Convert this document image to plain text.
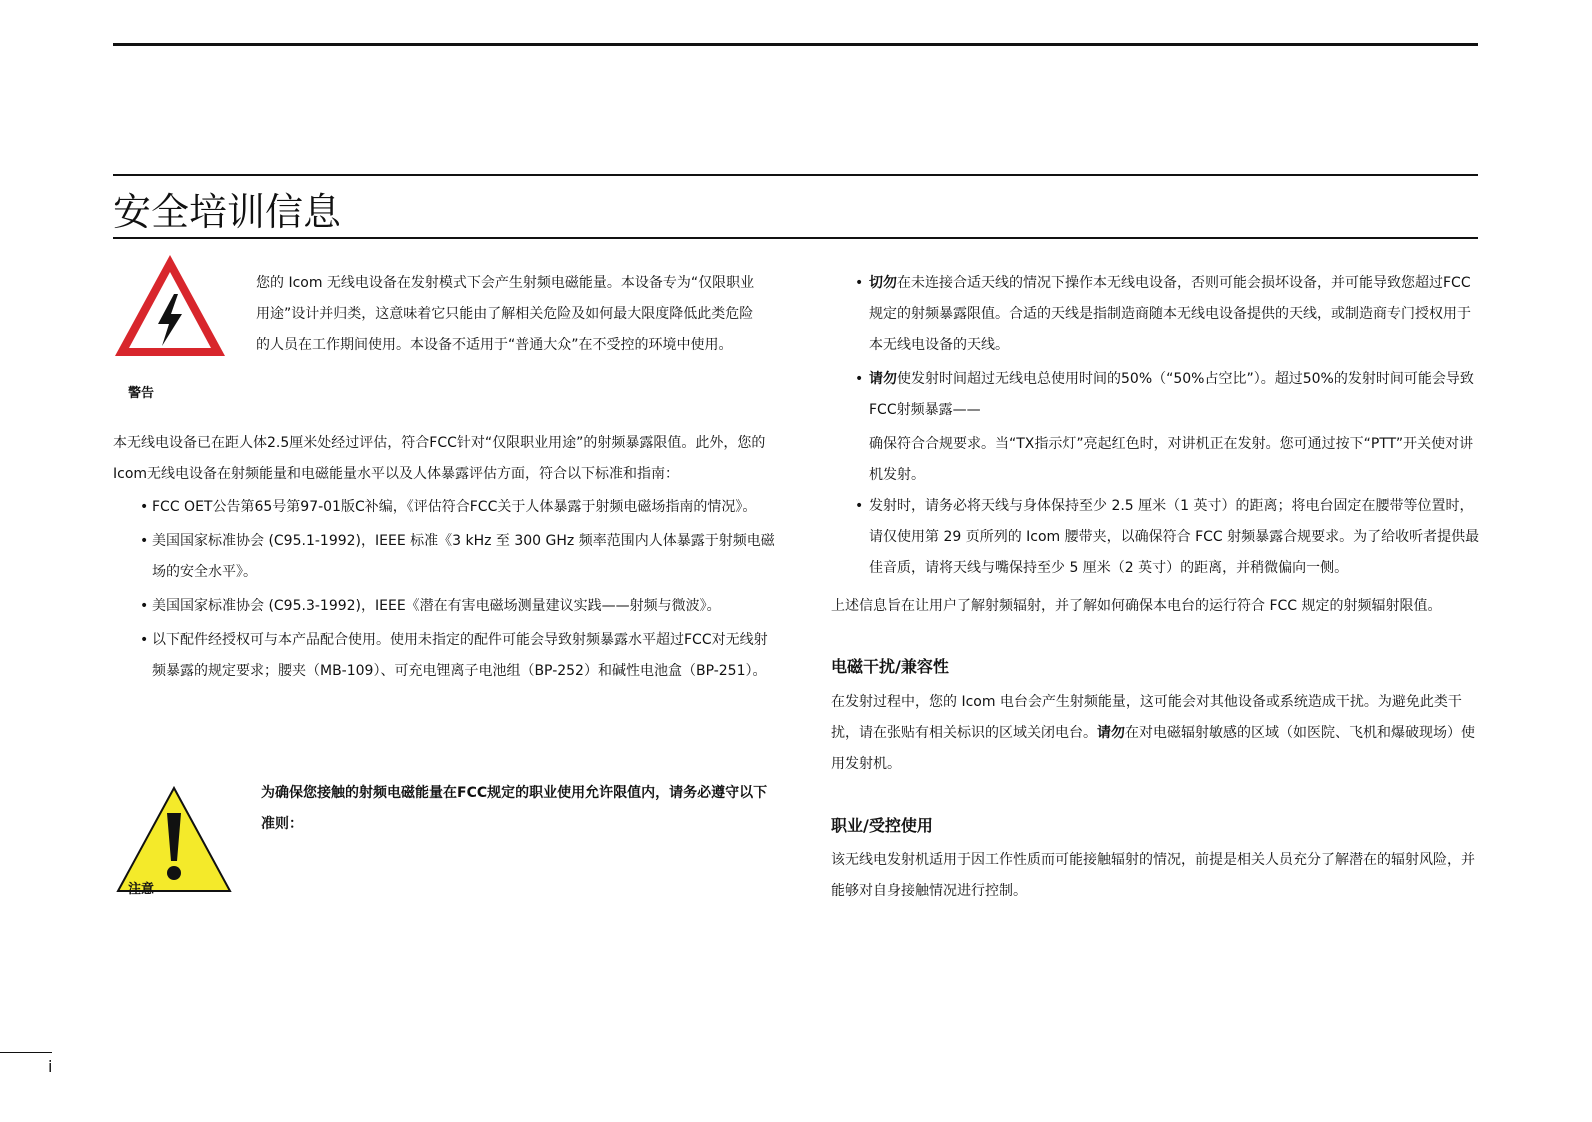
安全培训信息
警告

您的 Icom 无线电设备在发射模式下会产生射频电磁能量。本设备专为“仅限职业用途”设计并归类，这意味着它只能由了解相关危险及如何最大限度降低此类危险的人员在工作期间使用。本设备不适用于“普通大众”在不受控的环境中使用。

本无线电设备已在距人体2.5厘米处经过评估，符合FCC针对“仅限职业用途”的射频暴露限值。此外，您的Icom无线电设备在射频能量和电磁能量水平以及人体暴露评估方面，符合以下标准和指南：

• FCC OET公告第65号第97-01版C补编，《评估符合FCC关于人体暴露于射频电磁场指南的情况》。
• 美国国家标准协会 (C95.1-1992)，IEEE 标准《3 kHz 至 300 GHz 频率范围内人体暴露于射频电磁场的安全水平》。
• 美国国家标准协会 (C95.3-1992)，IEEE《潜在有害电磁场测量建议实践——射频与微波》。
• 以下配件经授权可与本产品配合使用。使用未指定的配件可能会导致射频暴露水平超过FCC对无线射频暴露的规定要求；腰夹（MB-109）、可充电锂离子电池组（BP-252）和碱性电池盒（BP-251）。
注意

为确保您接触的射频电磁能量在FCC规定的职业使用允许限值内，请务必遵守以下准则：

• 切勿在未连接合适天线的情况下操作本无线电设备，否则可能会损坏设备，并可能导致您超过FCC规定的射频暴露限值。合适的天线是指制造商随本无线电设备提供的天线，或制造商专门授权用于本无线电设备的天线。
• 请勿使发射时间超过无线电总使用时间的50%（“50%占空比”）。超过50%的发射时间可能会导致FCC射频暴露——
确保符合合规要求。当“TX指示灯”亮起红色时，对讲机正在发射。您可通过按下“PTT”开关使对讲机发射。
• 发射时，请务必将天线与身体保持至少 2.5 厘米（1 英寸）的距离；将电台固定在腰带等位置时，请仅使用第 29 页所列的 Icom 腰带夹，以确保符合 FCC 射频暴露合规要求。为了给收听者提供最佳音质，请将天线与嘴保持至少 5 厘米（2 英寸）的距离，并稍微偏向一侧。

上述信息旨在让用户了解射频辐射，并了解如何确保本电台的运行符合 FCC 规定的射频辐射限值。

电磁干扰/兼容性

在发射过程中，您的 Icom 电台会产生射频能量，这可能会对其他设备或系统造成干扰。为避免此类干扰，请在张贴有相关标识的区域关闭电台。请勿在对电磁辐射敏感的区域（如医院、飞机和爆破现场）使用发射机。

职业/受控使用

该无线电发射机适用于因工作性质而可能接触辐射的情况，前提是相关人员充分了解潜在的辐射风险，并能够对自身接触情况进行控制。

i
